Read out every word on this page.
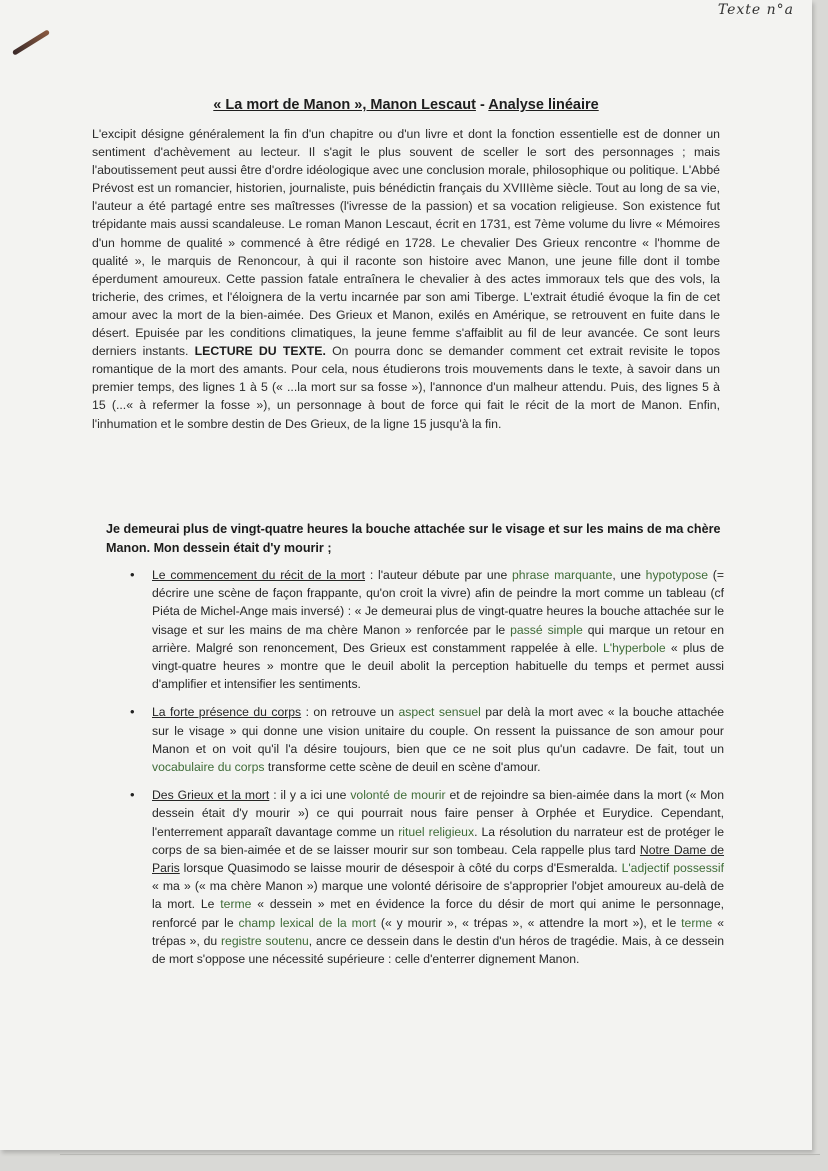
Texte n°a
« La mort de Manon », Manon Lescaut - Analyse linéaire
L'excipit désigne généralement la fin d'un chapitre ou d'un livre et dont la fonction essentielle est de donner un sentiment d'achèvement au lecteur. Il s'agit le plus souvent de sceller le sort des personnages ; mais l'aboutissement peut aussi être d'ordre idéologique avec une conclusion morale, philosophique ou politique. L'Abbé Prévost est un romancier, historien, journaliste, puis bénédictin français du XVIIIème siècle. Tout au long de sa vie, l'auteur a été partagé entre ses maîtresses (l'ivresse de la passion) et sa vocation religieuse. Son existence fut trépidante mais aussi scandaleuse. Le roman Manon Lescaut, écrit en 1731, est 7ème volume du livre « Mémoires d'un homme de qualité » commencé à être rédigé en 1728. Le chevalier Des Grieux rencontre « l'homme de qualité », le marquis de Renoncour, à qui il raconte son histoire avec Manon, une jeune fille dont il tombe éperdument amoureux. Cette passion fatale entraînera le chevalier à des actes immoraux tels que des vols, la tricherie, des crimes, et l'éloignera de la vertu incarnée par son ami Tiberge. L'extrait étudié évoque la fin de cet amour avec la mort de la bien-aimée. Des Grieux et Manon, exilés en Amérique, se retrouvent en fuite dans le désert. Epuisée par les conditions climatiques, la jeune femme s'affaiblit au fil de leur avancée. Ce sont leurs derniers instants. LECTURE DU TEXTE. On pourra donc se demander comment cet extrait revisite le topos romantique de la mort des amants. Pour cela, nous étudierons trois mouvements dans le texte, à savoir dans un premier temps, des lignes 1 à 5 (« ...la mort sur sa fosse »), l'annonce d'un malheur attendu. Puis, des lignes 5 à 15 (...« à refermer la fosse »), un personnage à bout de force qui fait le récit de la mort de Manon. Enfin, l'inhumation et le sombre destin de Des Grieux, de la ligne 15 jusqu'à la fin.
Je demeurai plus de vingt-quatre heures la bouche attachée sur le visage et sur les mains de ma chère Manon. Mon dessein était d'y mourir ;
• Le commencement du récit de la mort : l'auteur débute par une phrase marquante, une hypotypose (= décrire une scène de façon frappante, qu'on croit la vivre) afin de peindre la mort comme un tableau (cf Piéta de Michel-Ange mais inversé) : « Je demeurai plus de vingt-quatre heures la bouche attachée sur le visage et sur les mains de ma chère Manon » renforcée par le passé simple qui marque un retour en arrière. Malgré son renoncement, Des Grieux est constamment rappelée à elle. L'hyperbole « plus de vingt-quatre heures » montre que le deuil abolit la perception habituelle du temps et permet aussi d'amplifier et intensifier les sentiments.
• La forte présence du corps : on retrouve un aspect sensuel par delà la mort avec « la bouche attachée sur le visage » qui donne une vision unitaire du couple. On ressent la puissance de son amour pour Manon et on voit qu'il l'a désire toujours, bien que ce ne soit plus qu'un cadavre. De fait, tout un vocabulaire du corps transforme cette scène de deuil en scène d'amour.
• Des Grieux et la mort : il y a ici une volonté de mourir et de rejoindre sa bien-aimée dans la mort (« Mon dessein était d'y mourir ») ce qui pourrait nous faire penser à Orphée et Eurydice. Cependant, l'enterrement apparaît davantage comme un rituel religieux. La résolution du narrateur est de protéger le corps de sa bien-aimée et de se laisser mourir sur son tombeau. Cela rappelle plus tard Notre Dame de Paris lorsque Quasimodo se laisse mourir de désespoir à côté du corps d'Esmeralda. L'adjectif possessif « ma » (« ma chère Manon ») marque une volonté dérisoire de s'approprier l'objet amoureux au-delà de la mort. Le terme « dessein » met en évidence la force du désir de mort qui anime le personnage, renforcé par le champ lexical de la mort (« y mourir », « trépas », « attendre la mort »), et le terme « trépas », du registre soutenu, ancre ce dessein dans le destin d'un héros de tragédie. Mais, à ce dessein de mort s'oppose une nécessité supérieure : celle d'enterrer dignement Manon.
